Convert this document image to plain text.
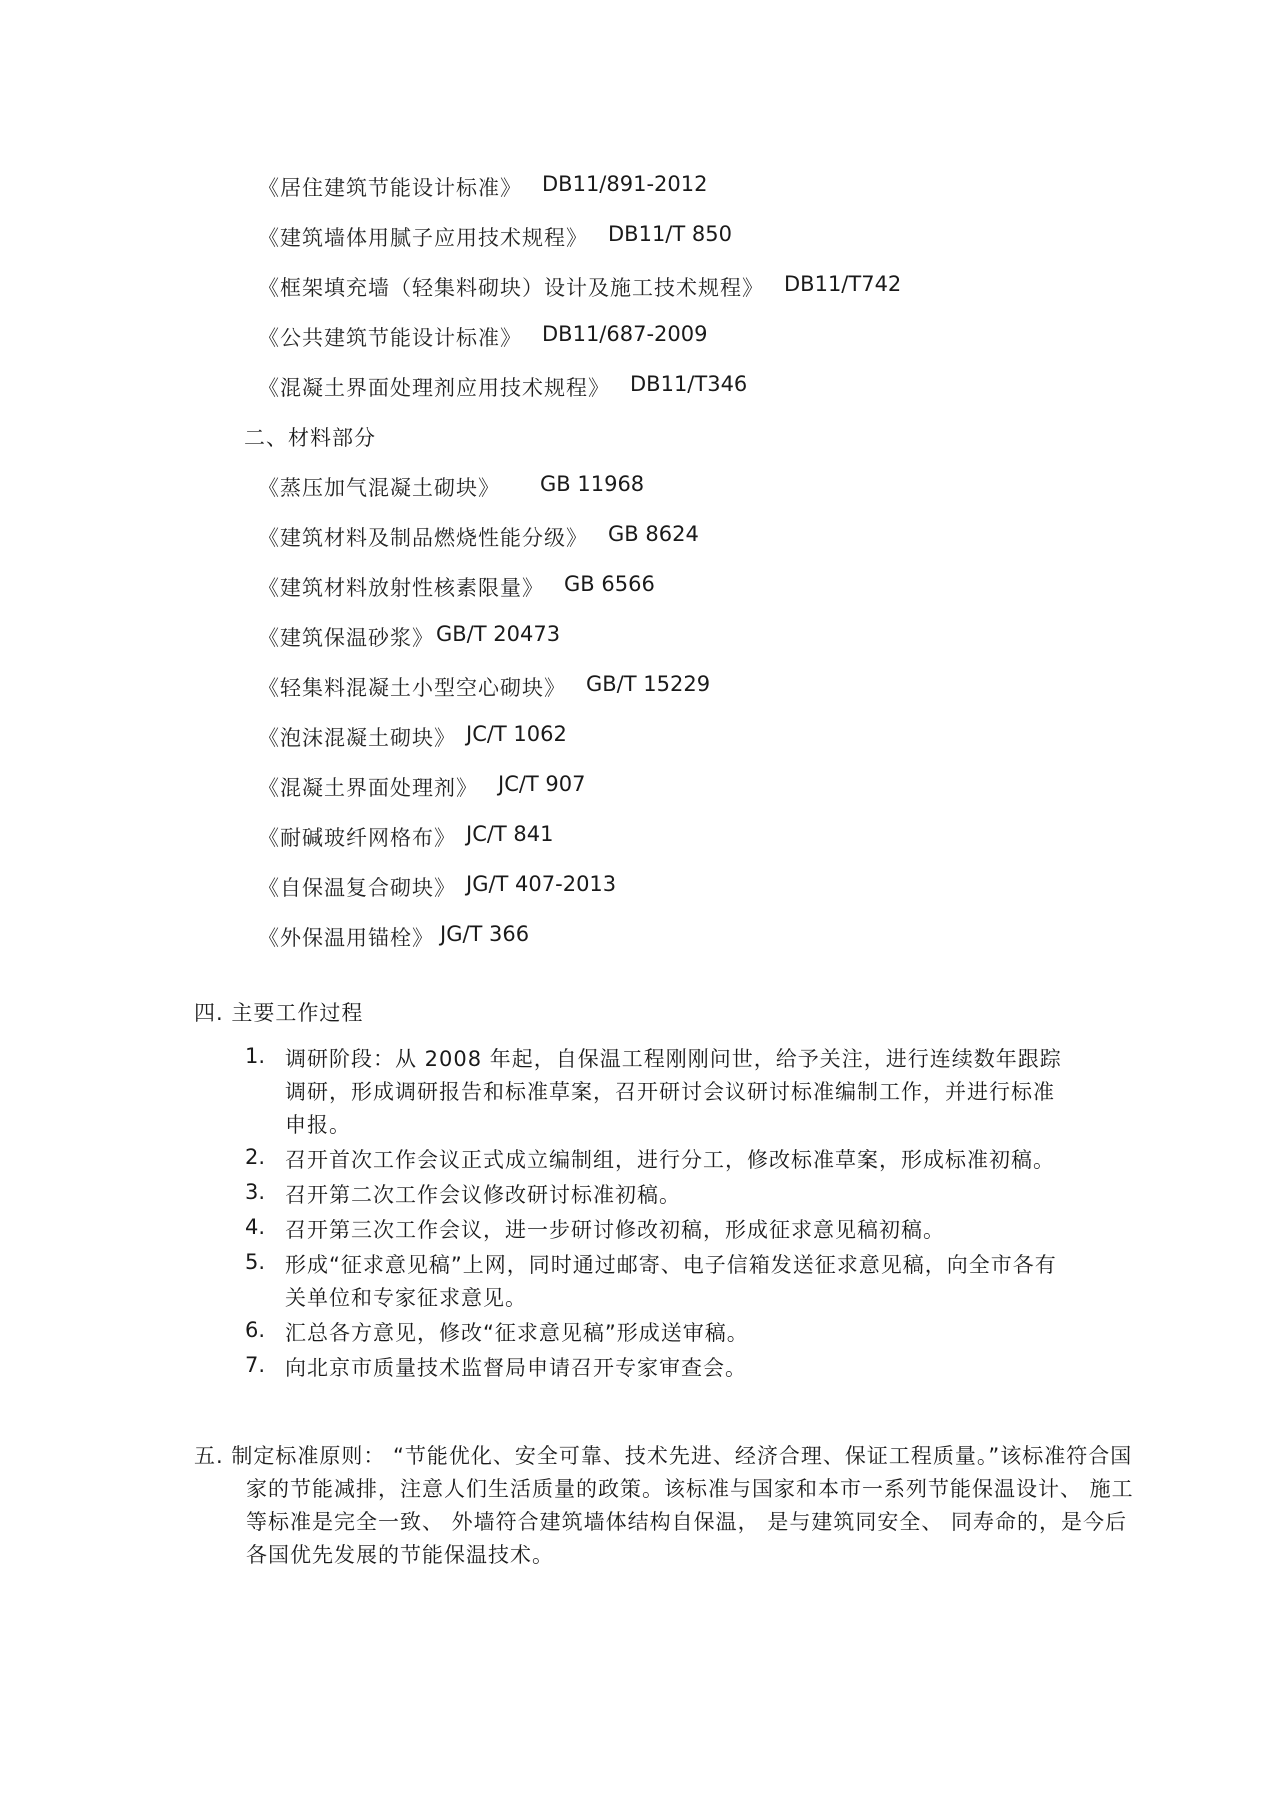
《居住建筑节能设计标准》 DB11/891-2012
《建筑墙体用腻子应用技术规程》 DB11/T 850
《框架填充墙（轻集料砌块）设计及施工技术规程》 DB11/T742
《公共建筑节能设计标准》 DB11/687-2009
《混凝土界面处理剂应用技术规程》 DB11/T346
二、材料部分
《蒸压加气混凝土砌块》 GB 11968
《建筑材料及制品燃烧性能分级》 GB 8624
《建筑材料放射性核素限量》 GB 6566
《建筑保温砂浆》GB/T 20473
《轻集料混凝土小型空心砌块》 GB/T 15229
《泡沫混凝土砌块》 JC/T 1062
《混凝土界面处理剂》 JC/T 907
《耐碱玻纤网格布》 JC/T 841
《自保温复合砌块》 JG/T 407-2013
《外保温用锚栓》 JG/T 366
四. 主要工作过程
1. 调研阶段：从 2008 年起，自保温工程刚刚问世，给予关注，进行连续数年跟踪调研，形成调研报告和标准草案，召开研讨会议研讨标准编制工作，并进行标准申报。
2. 召开首次工作会议正式成立编制组，进行分工，修改标准草案，形成标准初稿。
3. 召开第二次工作会议修改研讨标准初稿。
4. 召开第三次工作会议，进一步研讨修改初稿，形成征求意见稿初稿。
5. 形成“征求意见稿”上网，同时通过邮寄、电子信箱发送征求意见稿，向全市各有关单位和专家征求意见。
6. 汇总各方意见，修改“征求意见稿”形成送审稿。
7. 向北京市质量技术监督局申请召开专家审查会。
五. 制定标准原则： “节能优化、安全可靠、技术先进、经济合理、保证工程质量。”该标准符合国家的节能减排，注意人们生活质量的政策。该标准与国家和本市一系列节能保温设计、 施工等标准是完全一致、 外墙符合建筑墙体结构自保温， 是与建筑同安全、 同寿命的，是今后各国优先发展的节能保温技术。
